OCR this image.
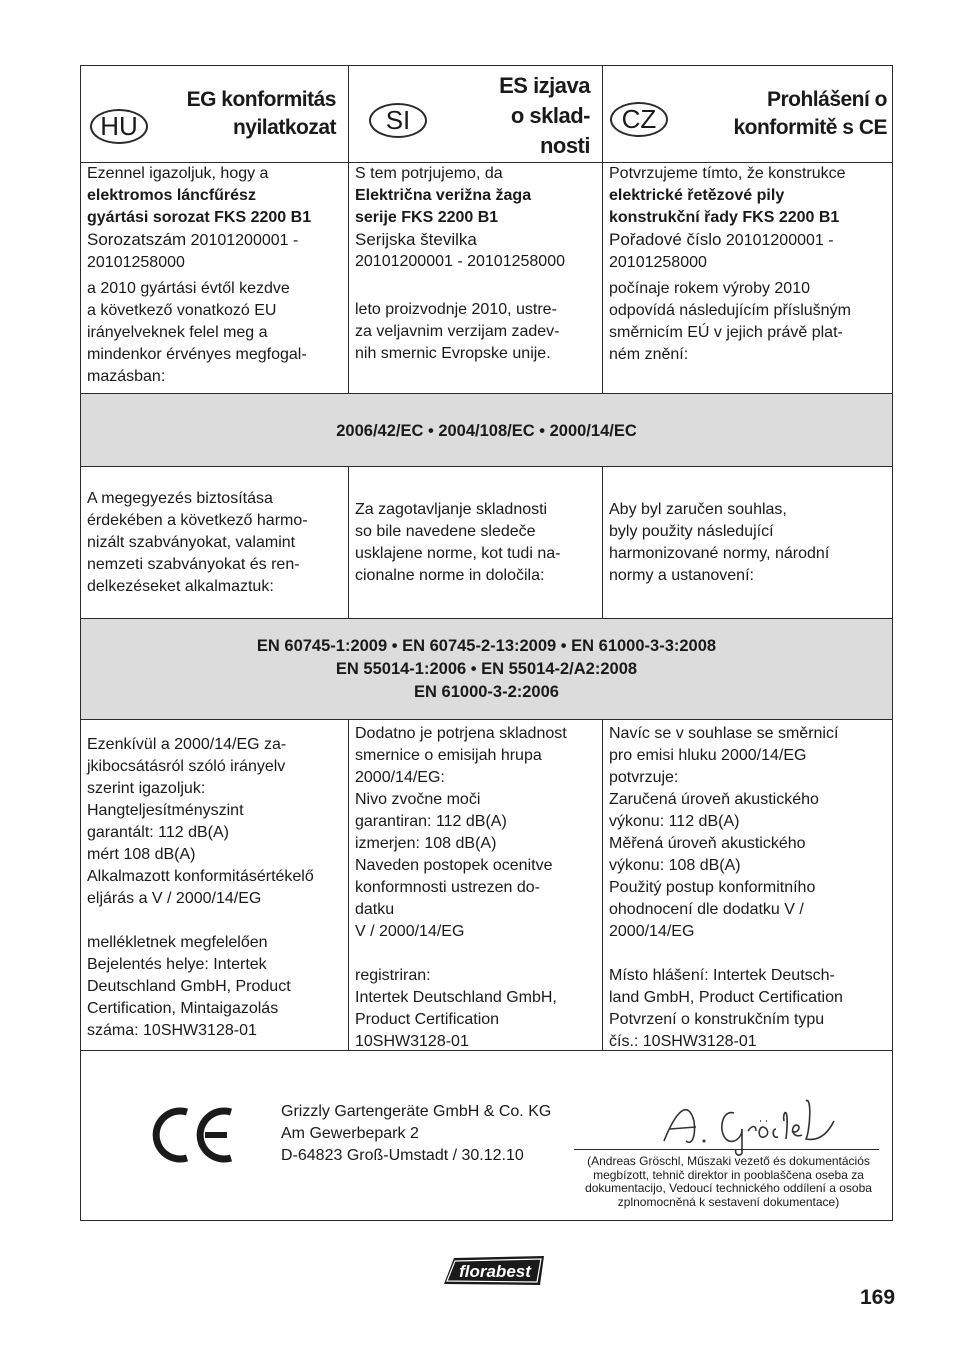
HU
EG konformitás
nyilatkozat	SI
ES izjava
o sklad-
nosti
CZ
Prohlášení o
konformitě s CE
Ezennel igazoljuk, hogy a
elektromos láncfűrész
gyártási sorozat FKS 2200 B1
Sorozatszám 20101200001 -
20101258000
a 2010 gyártási évtől kezdve
a következő vonatkozó EU
irányelveknek felel meg a
mindenkor érvényes megfogal-
mazásban:
S tem potrjujemo, da
Električna verižna žaga
serije FKS 2200 B1
Serijska številka
20101200001 - 20101258000
leto proizvodnje 2010, ustre-
za veljavnim verzijam zadev-
nih smernic Evropske unije.
Potvrzujeme tímto, že konstrukce
elektrické řetězové pily
konstrukční řady FKS 2200 B1
Pořadové číslo 20101200001 -
20101258000
počínaje rokem výroby 2010
odpovídá následujícím příslušným
směrnicím EÚ v jejich právě plat-
ném znění:
2006/42/EC • 2004/108/EC • 2000/14/EC
A megegyezés biztosítása
érdekében a következő harmo-
nizált szabványokat, valamint
nemzeti szabványokat és ren-
delkezéseket alkalmaztuk:
Za zagotavljanje skladnosti
so bile navedene sledeče
usklajene norme, kot tudi na-
cionalne norme in določila:
Aby byl zaručen souhlas,
byly použity následující
harmonizované normy, národní
normy a ustanovení:
EN 60745-1:2009 • EN 60745-2-13:2009 • EN 61000-3-3:2008
EN 55014-1:2006 • EN 55014-2/A2:2008
EN 61000-3-2:2006
Ezenkívül a 2000/14/EG za-
jkibocsátásról szóló irányelv
szerint igazoljuk:
Hangteljesítményszint
garantált: 112 dB(A)
mért 108 dB(A)
Alkalmazott konformitásértékelő
eljárás a V / 2000/14/EG
mellékletnek megfelelően
Bejelentés helye: Intertek
Deutschland GmbH, Product
Certification, Mintaigazolás
száma: 10SHW3128-01
Dodatno je potrjena skladnost
smernice o emisijah hrupa
2000/14/EG:
Nivo zvočne moči
garantiran: 112 dB(A)
izmerjen: 108 dB(A)
Naveden postopek ocenitve
konformnosti ustrezen do-
datku
V / 2000/14/EG
registriran:
Intertek Deutschland GmbH,
Product Certification
10SHW3128-01
Navíc se v souhlase se směrnicí
pro emisi hluku 2000/14/EG
potvrzuje:
Zaručená úroveň akustického
výkonu: 112 dB(A)
Měřená úroveň akustického
výkonu: 108 dB(A)
Použitý postup konformitního
ohodnocení dle dodatku V /
2000/14/EG
Místo hlášení: Intertek Deutsch-
land GmbH, Product Certification
Potvrzení o konstrukčním typu
čís.: 10SHW3128-01
Grizzly Gartengeräte GmbH & Co. KG
Am Gewerbepark 2
D-64823 Groß-Umstadt / 30.12.10	(Andreas Gröschl, Műszaki vezető és dokumentációs
megbízott, tehnič direktor in pooblaščena oseba za
dokumentacijo, Vedoucí technického oddílení a osoba
zplnomocněná k sestavení dokumentace)
florabest
169
